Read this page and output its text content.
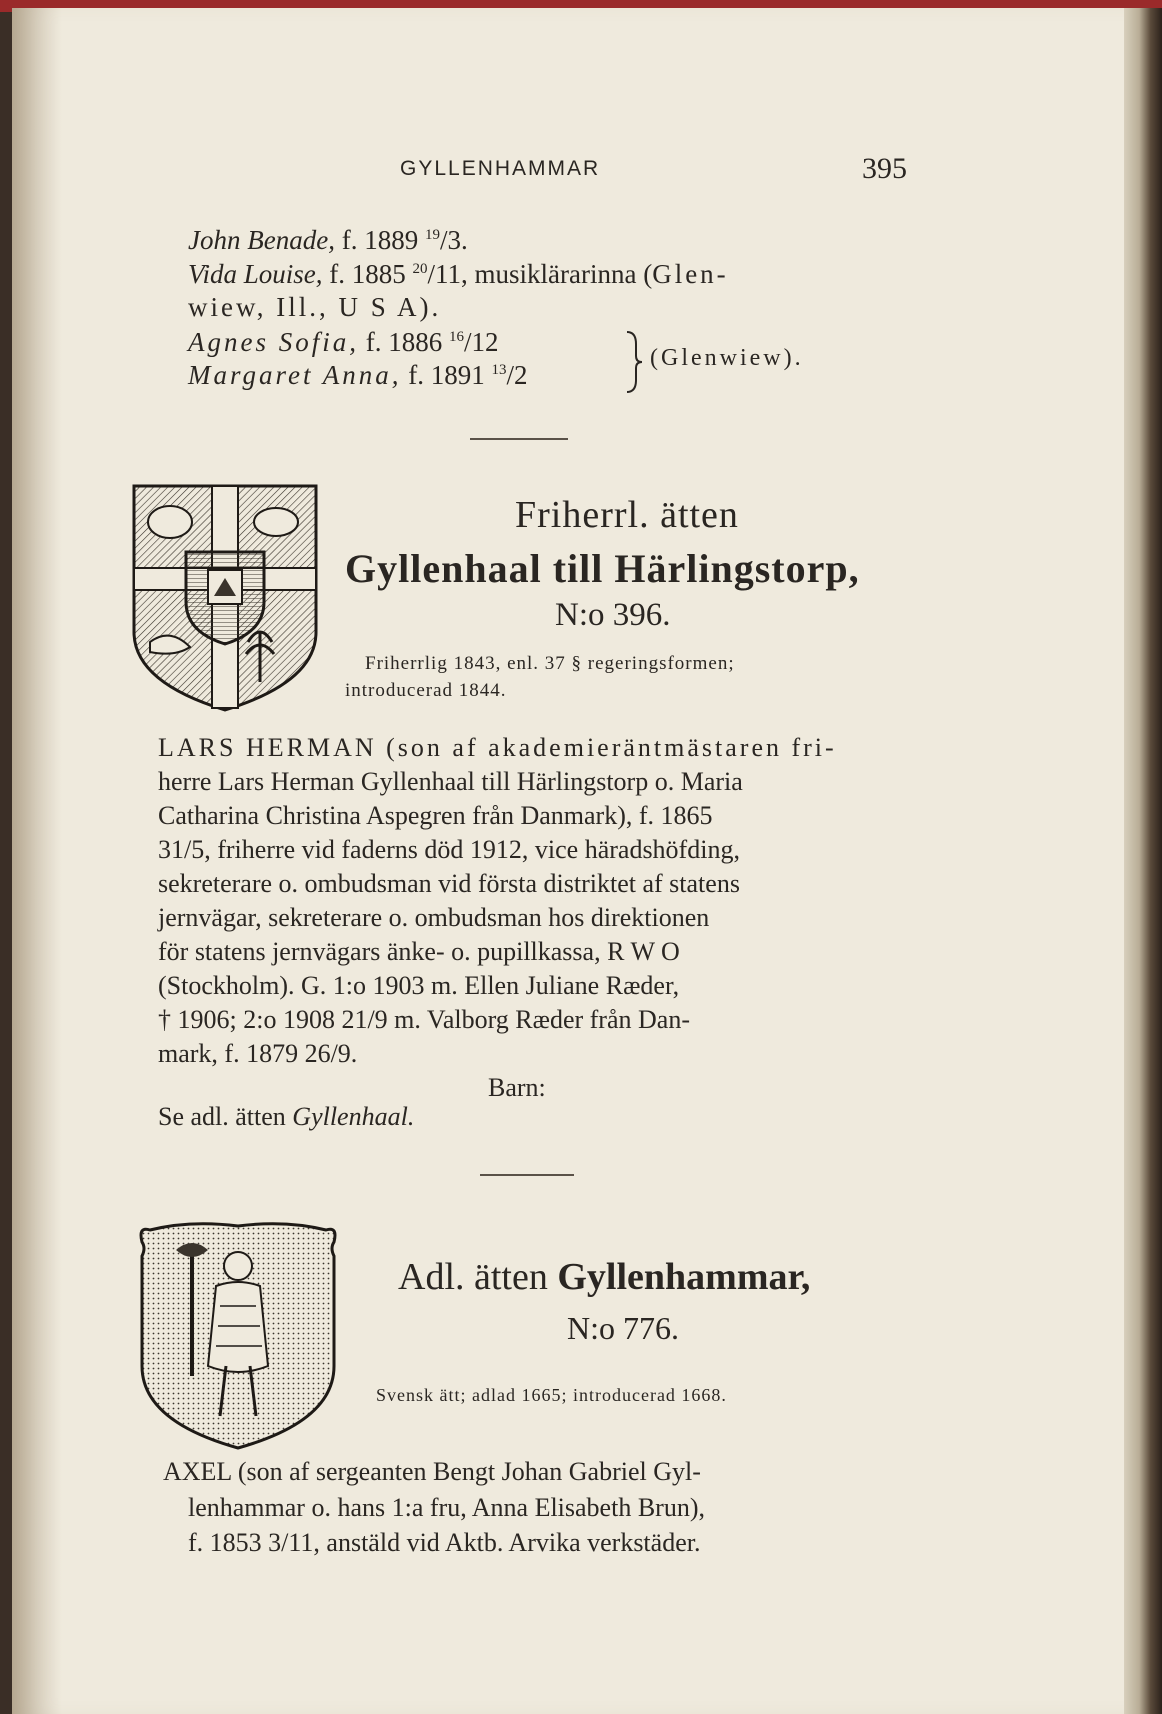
GYLLENHAMMAR	395
John Benade, f. 1889 $^{19}$/3.
Vida Louise, f. 1885 $^{20}$/11, musiklärarinna (Glen-
wiew, Ill., U S A).
Agnes Sofia, f. 1886 $^{16}$/12
Margaret Anna, f. 1891 $^{13}$/2
(Glenwiew).
Friherrl. ätten
Gyllenhaal till Härlingstorp,
N:o 396.
Friherrlig 1843, enl. 37 § regeringsformen;
introducerad 1844.
LARS HERMAN (son af akademieräntmästaren fri-
herre Lars Herman Gyllenhaal till Härlingstorp o. Maria
Catharina Christina Aspegren från Danmark), f. 1865
31/5, friherre vid faderns död 1912, vice häradshöfding,
sekreterare o. ombudsman vid första distriktet af statens
jernvägar, sekreterare o. ombudsman hos direktionen
för statens jernvägars änke- o. pupillkassa, R W O
(Stockholm). G. 1:o 1903 m. Ellen Juliane Ræder,
† 1906; 2:o 1908 21/9 m. Valborg Ræder från Dan-
mark, f. 1879 26/9.
Barn:
Se adl. ätten Gyllenhaal.
Adl. ätten Gyllenhammar,
N:o 776.
Svensk ätt; adlad 1665; introducerad 1668.
AXEL (son af sergeanten Bengt Johan Gabriel Gyl-
lenhammar o. hans 1:a fru, Anna Elisabeth Brun),
f. 1853 3/11, anstäld vid Aktb. Arvika verkstäder.
